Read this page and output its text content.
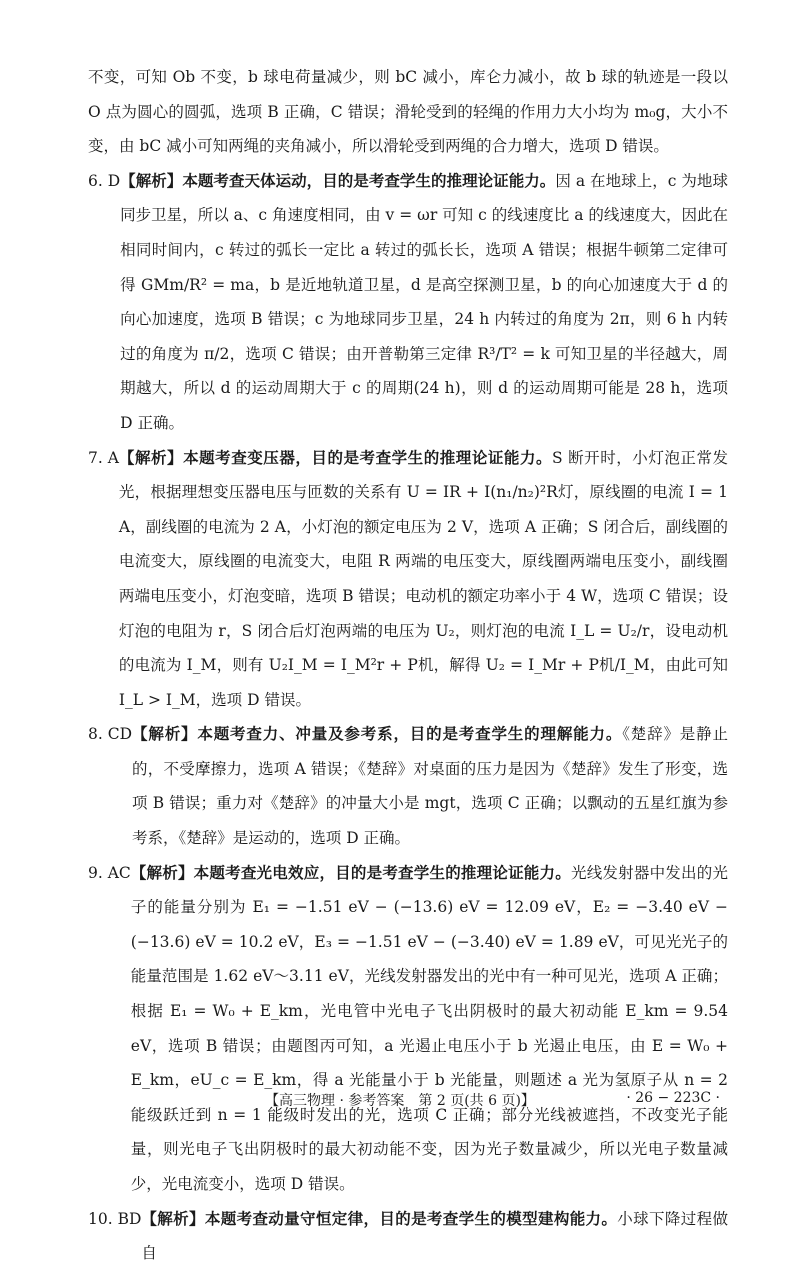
不变，可知 Ob 不变，b 球电荷量减少，则 bC 减小，库仑力减小，故 b 球的轨迹是一段以 O 点为圆心的圆弧，选项 B 正确，C 错误；滑轮受到的轻绳的作用力大小均为 m₀g，大小不变，由 bC 减小可知两绳的夹角减小，所以滑轮受到两绳的合力增大，选项 D 错误。

6. D 【解析】本题考查天体运动，目的是考查学生的推理论证能力。因 a 在地球上，c 为地球同步卫星，所以 a、c 角速度相同，由 v = ωr 可知 c 的线速度比 a 的线速度大，因此在相同时间内，c 转过的弧长一定比 a 转过的弧长长，选项 A 错误；根据牛顿第二定律可得 GMm/R² = ma，b 是近地轨道卫星，d 是高空探测卫星，b 的向心加速度大于 d 的向心加速度，选项 B 错误；c 为地球同步卫星，24 h 内转过的角度为 2π，则 6 h 内转过的角度为 π/2，选项 C 错误；由开普勒第三定律 R³/T² = k 可知卫星的半径越大，周期越大，所以 d 的运动周期大于 c 的周期(24 h)，则 d 的运动周期可能是 28 h，选项 D 正确。
7. A 【解析】本题考查变压器，目的是考查学生的推理论证能力。S 断开时，小灯泡正常发光，根据理想变压器电压与匝数的关系有 U = IR + I(n₁/n₂)²R灯，原线圈的电流 I = 1 A，副线圈的电流为 2 A，小灯泡的额定电压为 2 V，选项 A 正确；S 闭合后，副线圈的电流变大，原线圈的电流变大，电阻 R 两端的电压变大，原线圈两端电压变小，副线圈两端电压变小，灯泡变暗，选项 B 错误；电动机的额定功率小于 4 W，选项 C 错误；设灯泡的电阻为 r，S 闭合后灯泡两端的电压为 U₂，则灯泡的电流 I_L = U₂/r，设电动机的电流为 I_M，则有 U₂I_M = I_M²r + P机，解得 U₂ = I_Mr + P机/I_M，由此可知 I_L > I_M，选项 D 错误。
8. CD 【解析】本题考查力、冲量及参考系，目的是考查学生的理解能力。《楚辞》是静止的，不受摩擦力，选项 A 错误；《楚辞》对桌面的压力是因为《楚辞》发生了形变，选项 B 错误；重力对《楚辞》的冲量大小是 mgt，选项 C 正确；以飘动的五星红旗为参考系，《楚辞》是运动的，选项 D 正确。
9. AC 【解析】本题考查光电效应，目的是考查学生的推理论证能力。光线发射器中发出的光子的能量分别为 E₁ = −1.51 eV − (−13.6) eV = 12.09 eV，E₂ = −3.40 eV − (−13.6) eV = 10.2 eV，E₃ = −1.51 eV − (−3.40) eV = 1.89 eV，可见光光子的能量范围是 1.62 eV～3.11 eV，光线发射器发出的光中有一种可见光，选项 A 正确；根据 E₁ = W₀ + E_km，光电管中光电子飞出阴极时的最大初动能 E_km = 9.54 eV，选项 B 错误；由题图丙可知，a 光遏止电压小于 b 光遏止电压，由 E = W₀ + E_km，eU_c = E_km，得 a 光能量小于 b 光能量，则题述 a 光为氢原子从 n = 2 能级跃迁到 n = 1 能级时发出的光，选项 C 正确；部分光线被遮挡，不改变光子能量，则光电子飞出阴极时的最大初动能不变，因为光子数量减少，所以光电子数量减少，光电流变小，选项 D 错误。
10. BD 【解析】本题考查动量守恒定律，目的是考查学生的模型建构能力。小球下降过程做自
【高三物理 · 参考答案　第 2 页(共 6 页)】	· 26 − 223C ·
